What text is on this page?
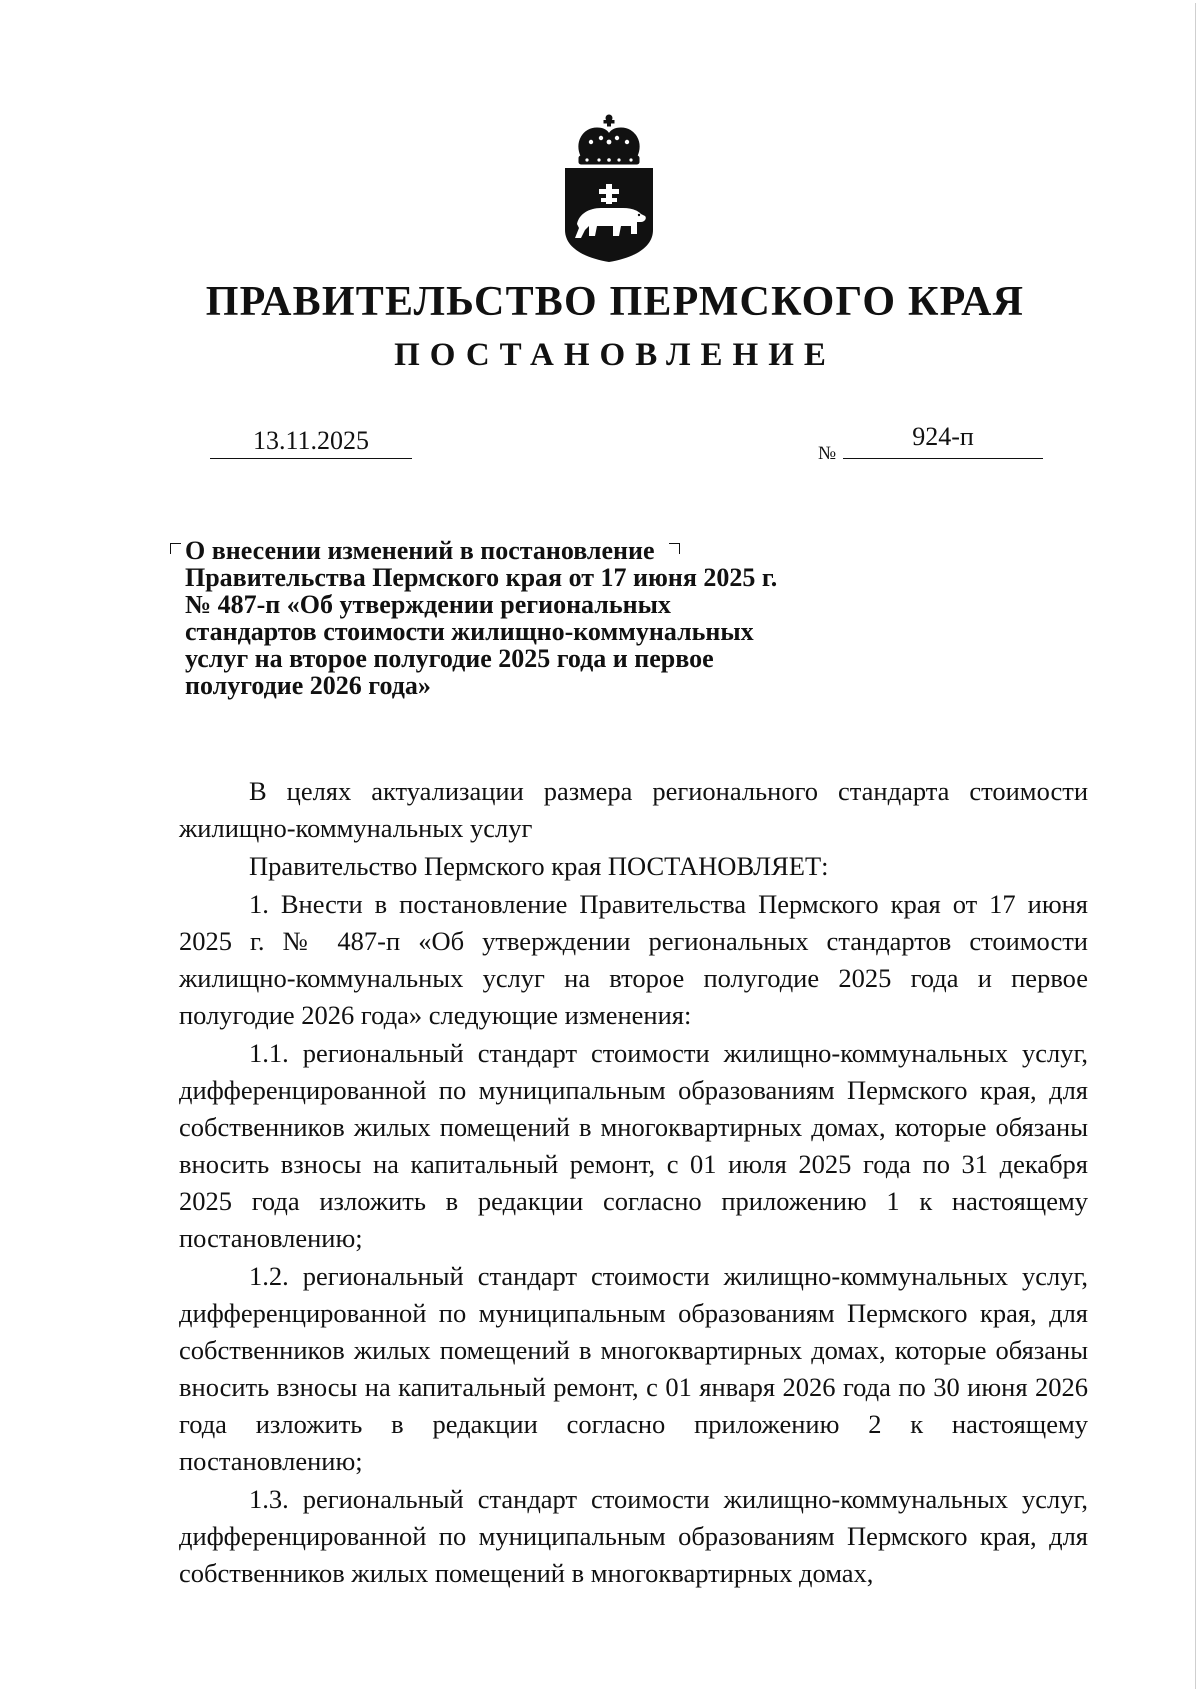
ПРАВИТЕЛЬСТВО ПЕРМСКОГО КРАЯ
ПОСТАНОВЛЕНИЕ
13.11.2025	№
924-п
О внесении изменений в постановление
Правительства Пермского края от 17 июня 2025 г.
№ 487-п «Об утверждении региональных
стандартов стоимости жилищно-коммунальных
услуг на второе полугодие 2025 года и первое
полугодие 2026 года»

В целях актуализации размера регионального стандарта стоимости жилищно-коммунальных услуг

Правительство Пермского края ПОСТАНОВЛЯЕТ:

1. Внести в постановление Правительства Пермского края от 17 июня 2025 г. № 487-п «Об утверждении региональных стандартов стоимости жилищно-коммунальных услуг на второе полугодие 2025 года и первое полугодие 2026 года» следующие изменения:

1.1. региональный стандарт стоимости жилищно-коммунальных услуг, дифференцированной по муниципальным образованиям Пермского края, для собственников жилых помещений в многоквартирных домах, которые обязаны вносить взносы на капитальный ремонт, с 01 июля 2025 года по 31 декабря 2025 года изложить в редакции согласно приложению 1 к настоящему постановлению;

1.2. региональный стандарт стоимости жилищно-коммунальных услуг, дифференцированной по муниципальным образованиям Пермского края, для собственников жилых помещений в многоквартирных домах, которые обязаны вносить взносы на капитальный ремонт, с 01 января 2026 года по 30 июня 2026 года изложить в редакции согласно приложению 2 к настоящему постановлению;

1.3. региональный стандарт стоимости жилищно-коммунальных услуг, дифференцированной по муниципальным образованиям Пермского края, для собственников жилых помещений в многоквартирных домах,
